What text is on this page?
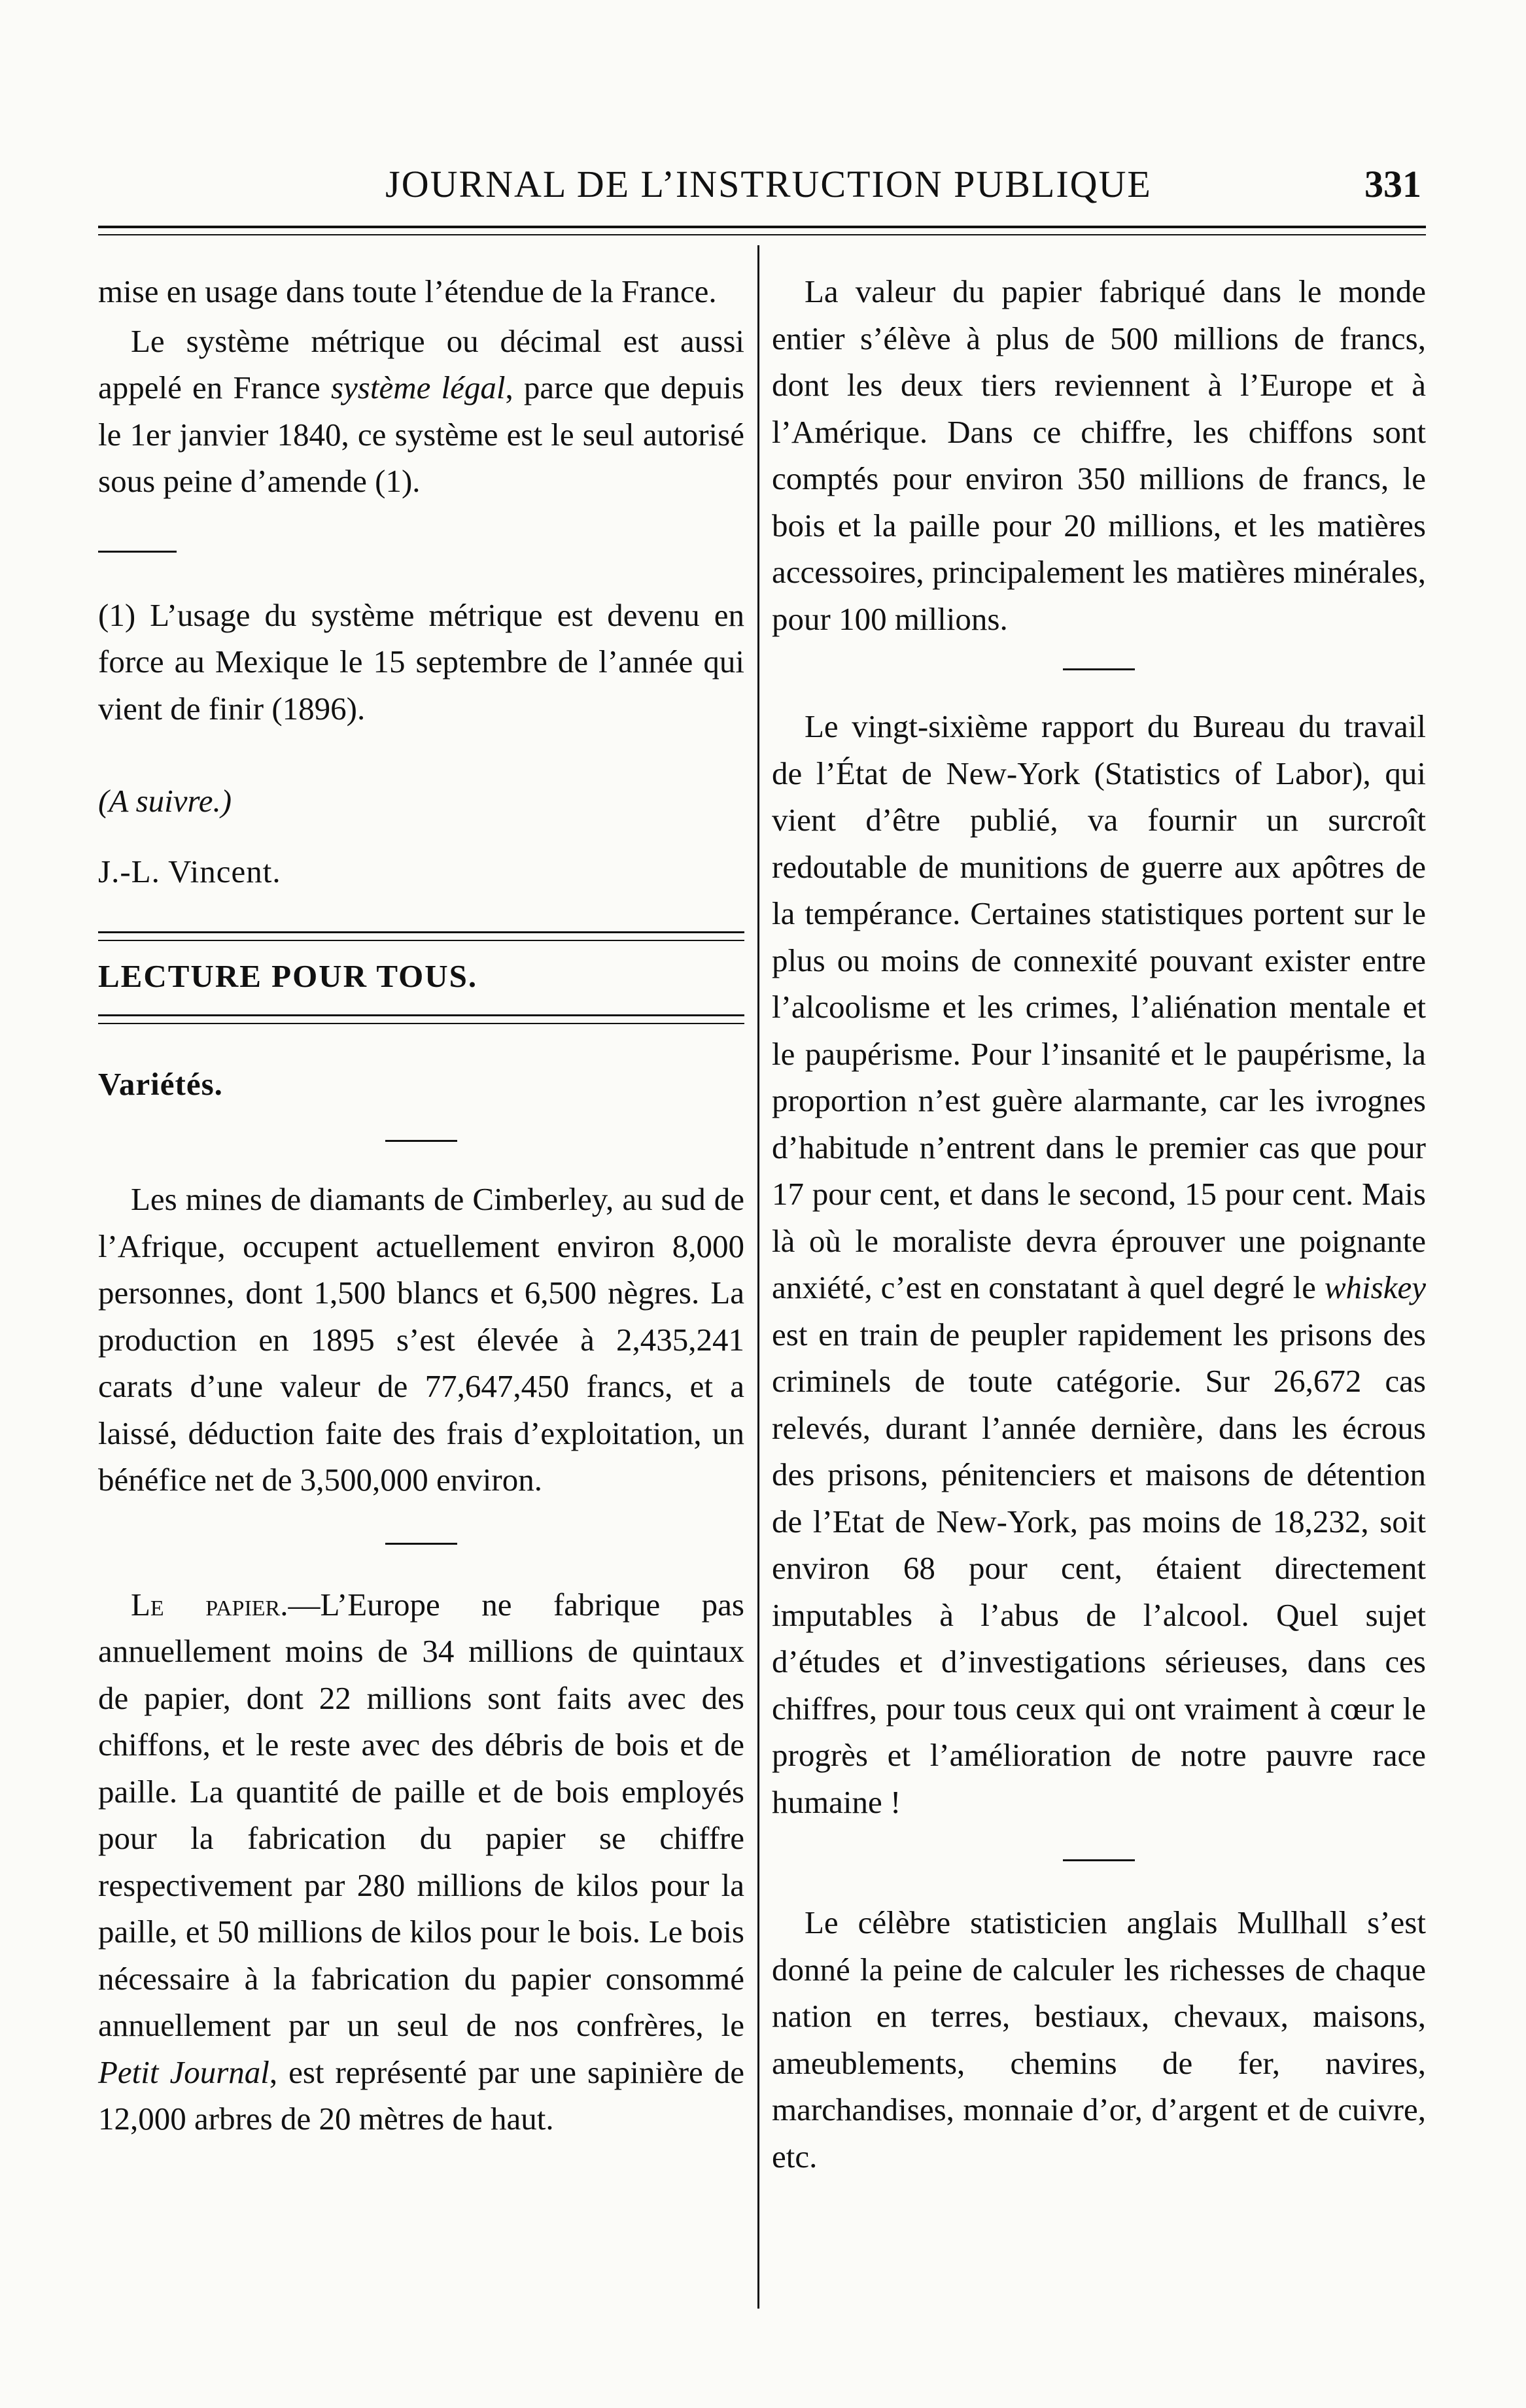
JOURNAL DE L’INSTRUCTION PUBLIQUE	331

mise en usage dans toute l’étendue de la France.

Le système métrique ou décimal est aussi appelé en France système légal, parce que depuis le 1er janvier 1840, ce système est le seul autorisé sous peine d’amende (1).

(1) L’usage du système métrique est devenu en force au Mexique le 15 septembre de l’année qui vient de finir (1896).

(A suivre.)

J.-L. Vincent.

LECTURE POUR TOUS.

Variétés.

Les mines de diamants de Cimberley, au sud de l’Afrique, occupent actuellement environ 8,000 personnes, dont 1,500 blancs et 6,500 nègres. La production en 1895 s’est élevée à 2,435,241 carats d’une valeur de 77,647,450 francs, et a laissé, déduction faite des frais d’exploitation, un bénéfice net de 3,500,000 environ.

Le papier.—L’Europe ne fabrique pas annuellement moins de 34 millions de quintaux de papier, dont 22 millions sont faits avec des chiffons, et le reste avec des débris de bois et de paille. La quantité de paille et de bois employés pour la fabrication du papier se chiffre respectivement par 280 millions de kilos pour la paille, et 50 millions de kilos pour le bois. Le bois nécessaire à la fabrication du papier consommé annuellement par un seul de nos confrères, le Petit Journal, est représenté par une sapinière de 12,000 arbres de 20 mètres de haut.

La valeur du papier fabriqué dans le monde entier s’élève à plus de 500 millions de francs, dont les deux tiers reviennent à l’Europe et à l’Amérique. Dans ce chiffre, les chiffons sont comptés pour environ 350 millions de francs, le bois et la paille pour 20 millions, et les matières accessoires, principalement les matières minérales, pour 100 millions.

Le vingt-sixième rapport du Bureau du travail de l’État de New-York (Statistics of Labor), qui vient d’être publié, va fournir un surcroît redoutable de munitions de guerre aux apôtres de la tempérance. Certaines statistiques portent sur le plus ou moins de connexité pouvant exister entre l’alcoolisme et les crimes, l’aliénation mentale et le paupérisme. Pour l’insanité et le paupérisme, la proportion n’est guère alarmante, car les ivrognes d’habitude n’entrent dans le premier cas que pour 17 pour cent, et dans le second, 15 pour cent. Mais là où le moraliste devra éprouver une poignante anxiété, c’est en constatant à quel degré le whiskey est en train de peupler rapidement les prisons des criminels de toute catégorie. Sur 26,672 cas relevés, durant l’année dernière, dans les écrous des prisons, pénitenciers et maisons de détention de l’Etat de New-York, pas moins de 18,232, soit environ 68 pour cent, étaient directement imputables à l’abus de l’alcool. Quel sujet d’études et d’investigations sérieuses, dans ces chiffres, pour tous ceux qui ont vraiment à cœur le progrès et l’amélioration de notre pauvre race humaine !

Le célèbre statisticien anglais Mullhall s’est donné la peine de calculer les richesses de chaque nation en terres, bestiaux, chevaux, maisons, ameublements, chemins de fer, navires, marchandises, monnaie d’or, d’argent et de cuivre, etc.
